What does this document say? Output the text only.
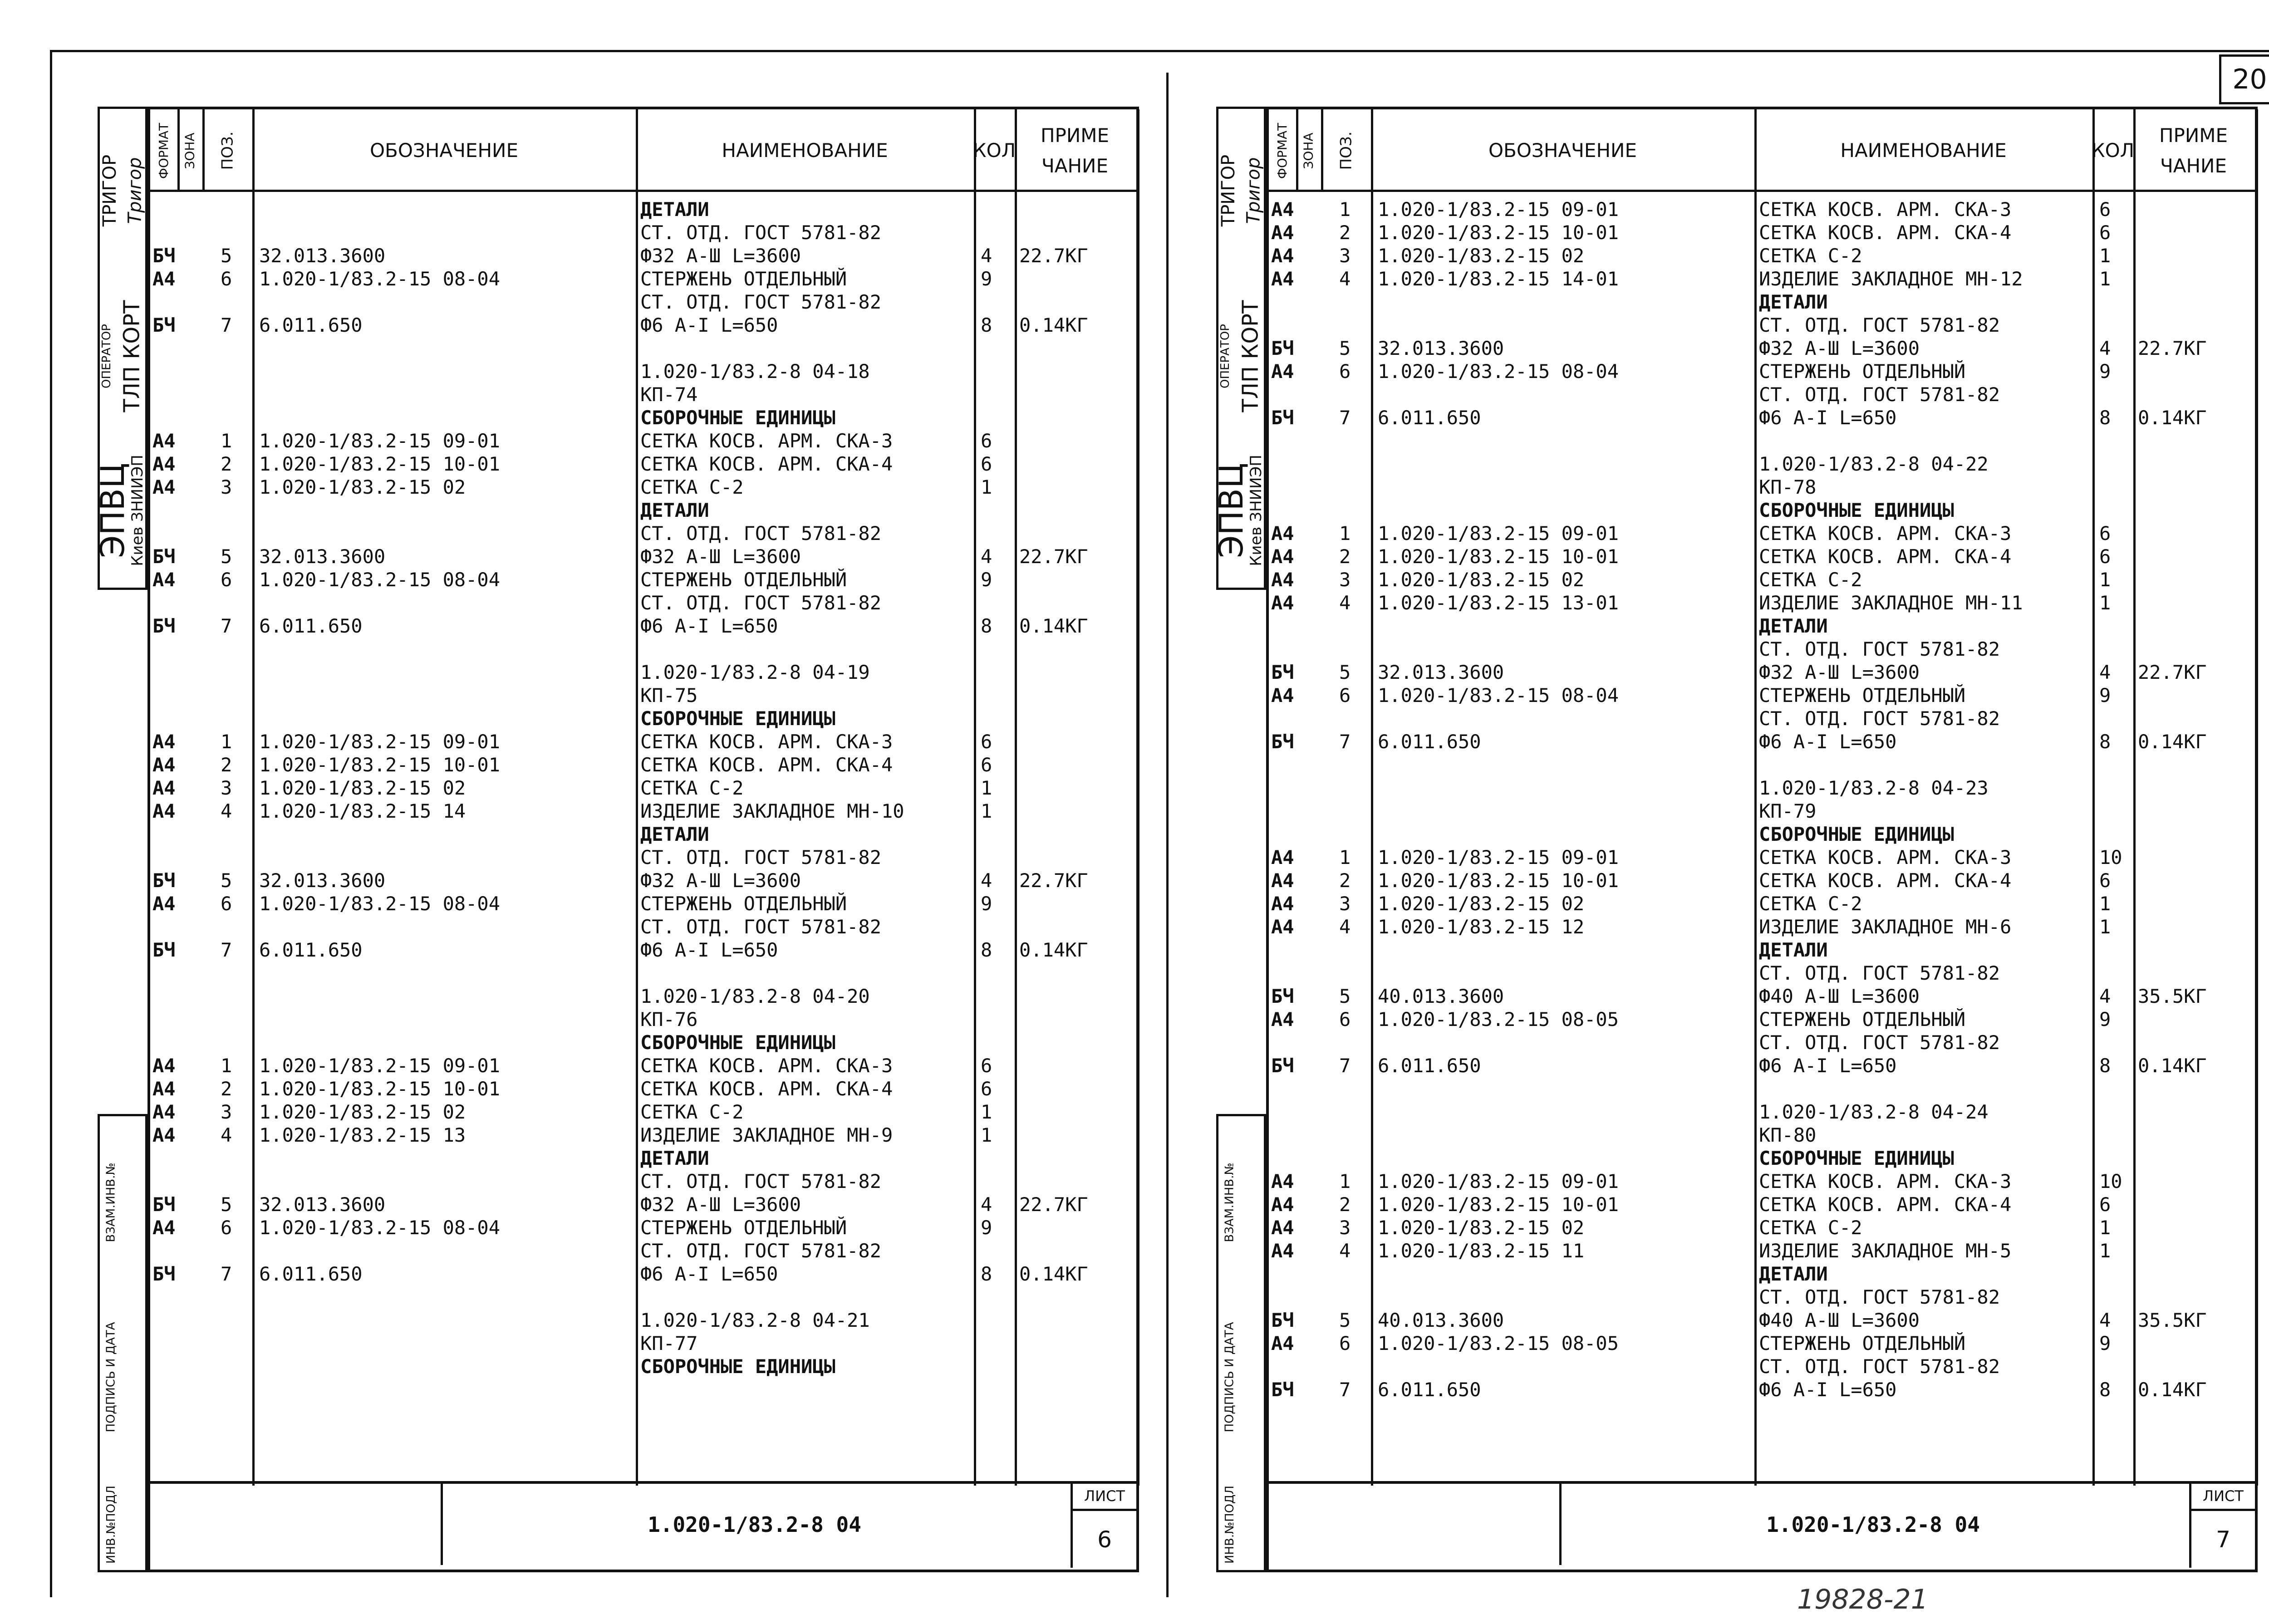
20
19828-21
ТРИГОР Тригор
ОПЕРАТОР ТЛП КОРТ
ЭПВЦ
Киев ЗНИИЭП
ВЗАМ.ИНВ.№
ПОДПИСЬ И ДАТА
ИНВ.№ПОДЛ
ФОРМАТ ЗОНА ПОЗ.	ОБОЗНАЧЕНИЕ	НАИМЕНОВАНИЕ	КОЛ
ПРИМЕ
ЧАНИЕ
ДЕТАЛИ
СТ. ОТД. ГОСТ 5781-82
БЧ 5 32.013.3600	Ф32 А-Ш L=3600	4 22.7КГ
А4 6 1.020-1/83.2-15 08-04	СТЕРЖЕНЬ ОТДЕЛЬНЫЙ	9
СТ. ОТД. ГОСТ 5781-82
БЧ 7 6.011.650	Ф6 А-I L=650	8 0.14КГ
1.020-1/83.2-8 04-18
КП-74
СБОРОЧНЫЕ ЕДИНИЦЫ
А4 1 1.020-1/83.2-15 09-01	СЕТКА КОСВ. АРМ. СКА-3	6
А4 2 1.020-1/83.2-15 10-01	СЕТКА КОСВ. АРМ. СКА-4	6
А4 3 1.020-1/83.2-15 02	СЕТКА С-2	1
ДЕТАЛИ
СТ. ОТД. ГОСТ 5781-82
БЧ 5 32.013.3600	Ф32 А-Ш L=3600	4 22.7КГ
А4 6 1.020-1/83.2-15 08-04	СТЕРЖЕНЬ ОТДЕЛЬНЫЙ	9
СТ. ОТД. ГОСТ 5781-82
БЧ 7 6.011.650	Ф6 А-I L=650	8 0.14КГ
1.020-1/83.2-8 04-19
КП-75
СБОРОЧНЫЕ ЕДИНИЦЫ
А4 1 1.020-1/83.2-15 09-01	СЕТКА КОСВ. АРМ. СКА-3	6
А4 2 1.020-1/83.2-15 10-01	СЕТКА КОСВ. АРМ. СКА-4	6
А4 3 1.020-1/83.2-15 02	СЕТКА С-2	1
А4 4 1.020-1/83.2-15 14	ИЗДЕЛИЕ ЗАКЛАДНОЕ МН-10	1
ДЕТАЛИ
СТ. ОТД. ГОСТ 5781-82
БЧ 5 32.013.3600	Ф32 А-Ш L=3600	4 22.7КГ
А4 6 1.020-1/83.2-15 08-04	СТЕРЖЕНЬ ОТДЕЛЬНЫЙ	9
СТ. ОТД. ГОСТ 5781-82
БЧ 7 6.011.650	Ф6 А-I L=650	8 0.14КГ
1.020-1/83.2-8 04-20
КП-76
СБОРОЧНЫЕ ЕДИНИЦЫ
А4 1 1.020-1/83.2-15 09-01	СЕТКА КОСВ. АРМ. СКА-3	6
А4 2 1.020-1/83.2-15 10-01	СЕТКА КОСВ. АРМ. СКА-4	6
А4 3 1.020-1/83.2-15 02	СЕТКА С-2	1
А4 4 1.020-1/83.2-15 13	ИЗДЕЛИЕ ЗАКЛАДНОЕ МН-9	1
ДЕТАЛИ
СТ. ОТД. ГОСТ 5781-82
БЧ 5 32.013.3600	Ф32 А-Ш L=3600	4 22.7КГ
А4 6 1.020-1/83.2-15 08-04	СТЕРЖЕНЬ ОТДЕЛЬНЫЙ	9
СТ. ОТД. ГОСТ 5781-82
БЧ 7 6.011.650	Ф6 А-I L=650	8 0.14КГ
1.020-1/83.2-8 04-21
КП-77
СБОРОЧНЫЕ ЕДИНИЦЫ
1.020-1/83.2-8 04
ЛИСТ
6
ТРИГОР Тригор
ОПЕРАТОР ТЛП КОРТ
ЭПВЦ
Киев ЗНИИЭП
ВЗАМ.ИНВ.№
ПОДПИСЬ И ДАТА
ИНВ.№ПОДЛ
ФОРМАТ ЗОНА ПОЗ.	ОБОЗНАЧЕНИЕ	НАИМЕНОВАНИЕ	КОЛ
ПРИМЕ
ЧАНИЕ
А4 1 1.020-1/83.2-15 09-01	СЕТКА КОСВ. АРМ. СКА-3	6
А4 2 1.020-1/83.2-15 10-01	СЕТКА КОСВ. АРМ. СКА-4	6
А4 3 1.020-1/83.2-15 02	СЕТКА С-2	1
А4 4 1.020-1/83.2-15 14-01	ИЗДЕЛИЕ ЗАКЛАДНОЕ МН-12	1
ДЕТАЛИ
СТ. ОТД. ГОСТ 5781-82
БЧ 5 32.013.3600	Ф32 А-Ш L=3600	4 22.7КГ
А4 6 1.020-1/83.2-15 08-04	СТЕРЖЕНЬ ОТДЕЛЬНЫЙ	9
СТ. ОТД. ГОСТ 5781-82
БЧ 7 6.011.650	Ф6 А-I L=650	8 0.14КГ
1.020-1/83.2-8 04-22
КП-78
СБОРОЧНЫЕ ЕДИНИЦЫ
А4 1 1.020-1/83.2-15 09-01	СЕТКА КОСВ. АРМ. СКА-3	6
А4 2 1.020-1/83.2-15 10-01	СЕТКА КОСВ. АРМ. СКА-4	6
А4 3 1.020-1/83.2-15 02	СЕТКА С-2	1
А4 4 1.020-1/83.2-15 13-01	ИЗДЕЛИЕ ЗАКЛАДНОЕ МН-11	1
ДЕТАЛИ
СТ. ОТД. ГОСТ 5781-82
БЧ 5 32.013.3600	Ф32 А-Ш L=3600	4 22.7КГ
А4 6 1.020-1/83.2-15 08-04	СТЕРЖЕНЬ ОТДЕЛЬНЫЙ	9
СТ. ОТД. ГОСТ 5781-82
БЧ 7 6.011.650	Ф6 А-I L=650	8 0.14КГ
1.020-1/83.2-8 04-23
КП-79
СБОРОЧНЫЕ ЕДИНИЦЫ
А4 1 1.020-1/83.2-15 09-01	СЕТКА КОСВ. АРМ. СКА-3	10
А4 2 1.020-1/83.2-15 10-01	СЕТКА КОСВ. АРМ. СКА-4	6
А4 3 1.020-1/83.2-15 02	СЕТКА С-2	1
А4 4 1.020-1/83.2-15 12	ИЗДЕЛИЕ ЗАКЛАДНОЕ МН-6	1
ДЕТАЛИ
СТ. ОТД. ГОСТ 5781-82
БЧ 5 40.013.3600	Ф40 А-Ш L=3600	4 35.5КГ
А4 6 1.020-1/83.2-15 08-05	СТЕРЖЕНЬ ОТДЕЛЬНЫЙ	9
СТ. ОТД. ГОСТ 5781-82
БЧ 7 6.011.650	Ф6 А-I L=650	8 0.14КГ
1.020-1/83.2-8 04-24
КП-80
СБОРОЧНЫЕ ЕДИНИЦЫ
А4 1 1.020-1/83.2-15 09-01	СЕТКА КОСВ. АРМ. СКА-3	10
А4 2 1.020-1/83.2-15 10-01	СЕТКА КОСВ. АРМ. СКА-4	6
А4 3 1.020-1/83.2-15 02	СЕТКА С-2	1
А4 4 1.020-1/83.2-15 11	ИЗДЕЛИЕ ЗАКЛАДНОЕ МН-5	1
ДЕТАЛИ
СТ. ОТД. ГОСТ 5781-82
БЧ 5 40.013.3600	Ф40 А-Ш L=3600	4 35.5КГ
А4 6 1.020-1/83.2-15 08-05	СТЕРЖЕНЬ ОТДЕЛЬНЫЙ	9
СТ. ОТД. ГОСТ 5781-82
БЧ 7 6.011.650	Ф6 А-I L=650	8 0.14КГ
1.020-1/83.2-8 04
ЛИСТ
7
